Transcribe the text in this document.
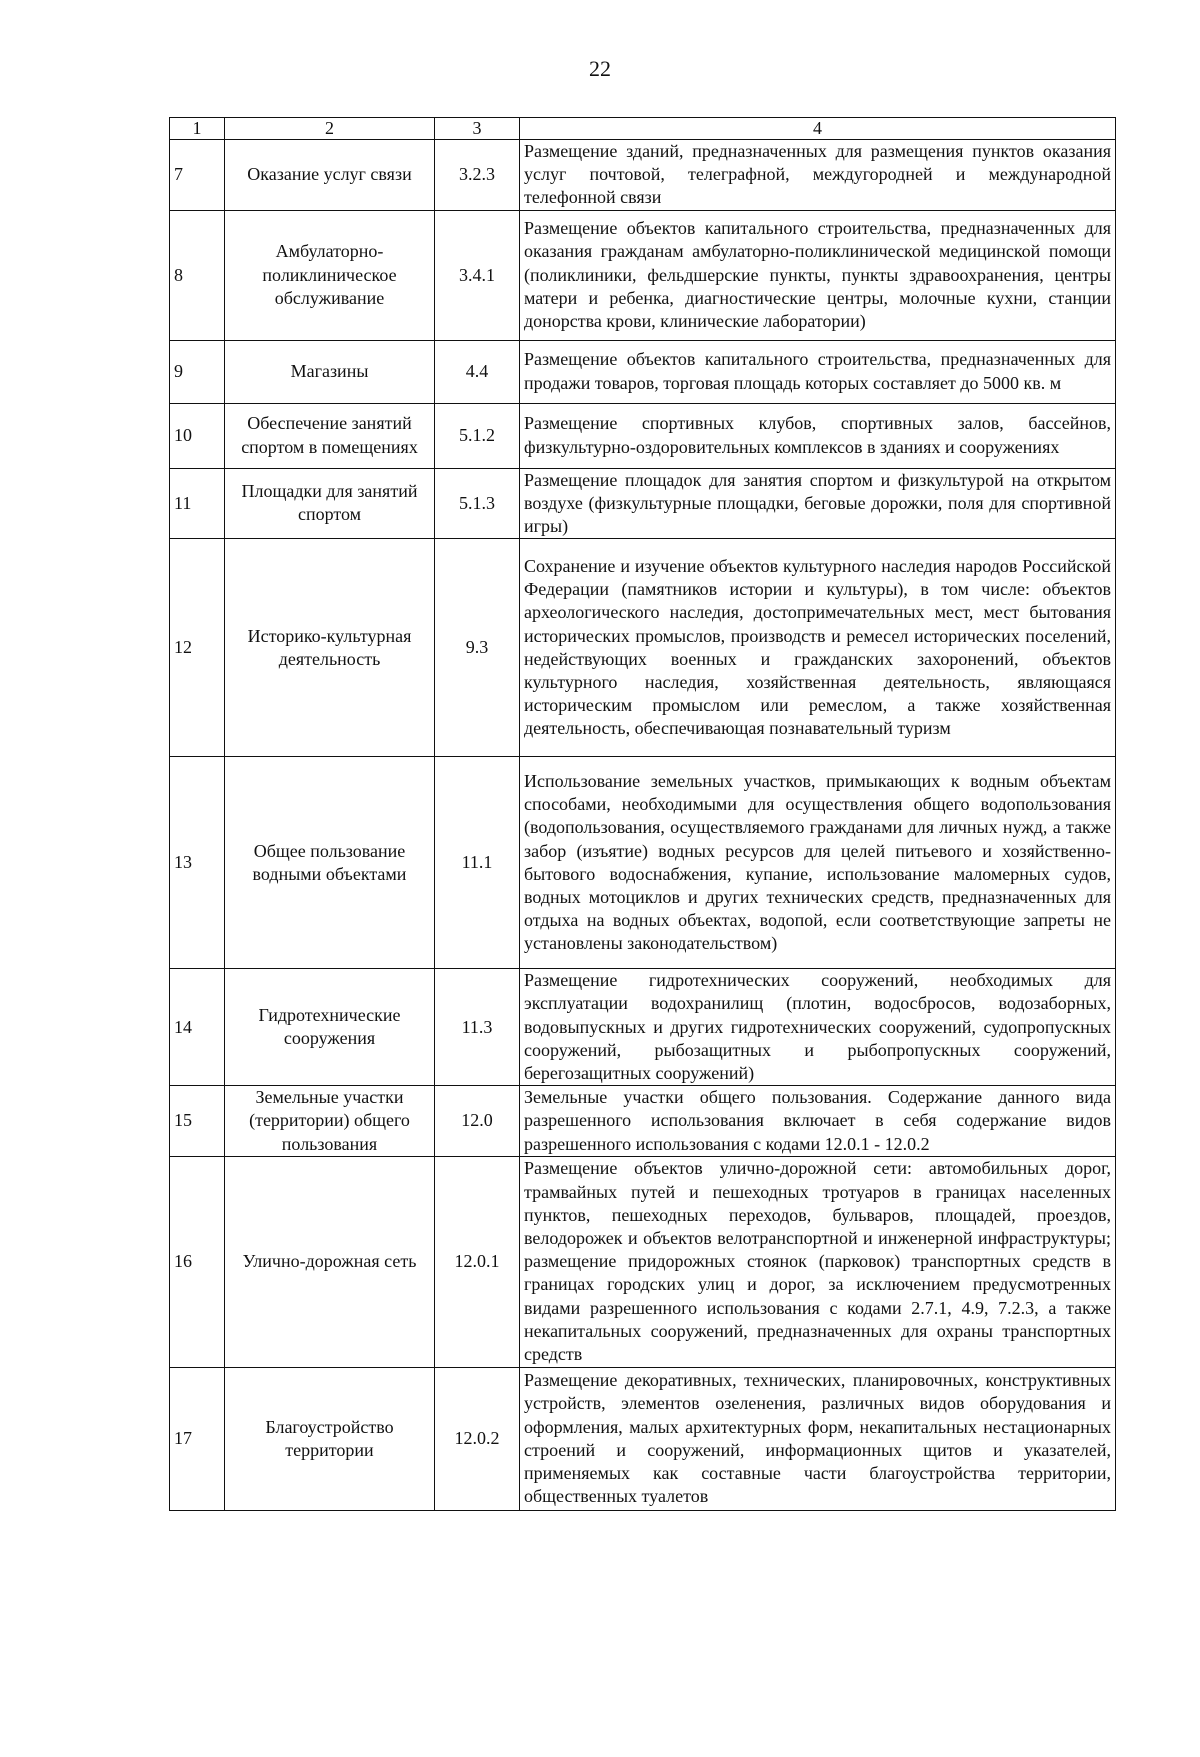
22
1	2	3	4
7	Оказание услуг связи	3.2.3	Размещение зданий, предназначенных для размещения пунктов оказания услуг почтовой, телеграфной, междугородней и международной телефонной связи
8	Амбулаторно-поликлиническое обслуживание	3.4.1	Размещение объектов капитального строительства, предназначенных для оказания гражданам амбулаторно-поликлинической медицинской помощи (поликлиники, фельдшерские пункты, пункты здравоохранения, центры матери и ребенка, диагностические центры, молочные кухни, станции донорства крови, клинические лаборатории)
9	Магазины	4.4	Размещение объектов капитального строительства, предназначенных для продажи товаров, торговая площадь которых составляет до 5000 кв. м
10	Обеспечение занятий спортом в помещениях	5.1.2	Размещение спортивных клубов, спортивных залов, бассейнов, физкультурно-оздоровительных комплексов в зданиях и сооружениях
11	Площадки для занятий спортом	5.1.3	Размещение площадок для занятия спортом и физкультурой на открытом воздухе (физкультурные площадки, беговые дорожки, поля для спортивной игры)
12	Историко-культурная деятельность	9.3	Сохранение и изучение объектов культурного наследия народов Российской Федерации (памятников истории и культуры), в том числе: объектов археологического наследия, достопримечательных мест, мест бытования исторических промыслов, производств и ремесел исторических поселений, недействующих военных и гражданских захоронений, объектов культурного наследия, хозяйственная деятельность, являющаяся историческим промыслом или ремеслом, а также хозяйственная деятельность, обеспечивающая познавательный туризм
13	Общее пользование водными объектами	11.1	Использование земельных участков, примыкающих к водным объектам способами, необходимыми для осуществления общего водопользования (водопользования, осуществляемого гражданами для личных нужд, а также забор (изъятие) водных ресурсов для целей питьевого и хозяйственно-бытового водоснабжения, купание, использование маломерных судов, водных мотоциклов и других технических средств, предназначенных для отдыха на водных объектах, водопой, если соответствующие запреты не установлены законодательством)
14	Гидротехнические сооружения	11.3	Размещение гидротехнических сооружений, необходимых для эксплуатации водохранилищ (плотин, водосбросов, водозаборных, водовыпускных и других гидротехнических сооружений, судопропускных сооружений, рыбозащитных и рыбопропускных сооружений, берегозащитных сооружений)
15	Земельные участки (территории) общего пользования	12.0	Земельные участки общего пользования. Содержание данного вида разрешенного использования включает в себя содержание видов разрешенного использования с кодами 12.0.1 - 12.0.2
16	Улично-дорожная сеть	12.0.1	Размещение объектов улично-дорожной сети: автомобильных дорог, трамвайных путей и пешеходных тротуаров в границах населенных пунктов, пешеходных переходов, бульваров, площадей, проездов, велодорожек и объектов велотранспортной и инженерной инфраструктуры; размещение придорожных стоянок (парковок) транспортных средств в границах городских улиц и дорог, за исключением предусмотренных видами разрешенного использования с кодами 2.7.1, 4.9, 7.2.3, а также некапитальных сооружений, предназначенных для охраны транспортных средств
17	Благоустройство территории	12.0.2	Размещение декоративных, технических, планировочных, конструктивных устройств, элементов озеленения, различных видов оборудования и оформления, малых архитектурных форм, некапитальных нестационарных строений и сооружений, информационных щитов и указателей, применяемых как составные части благоустройства территории, общественных туалетов
